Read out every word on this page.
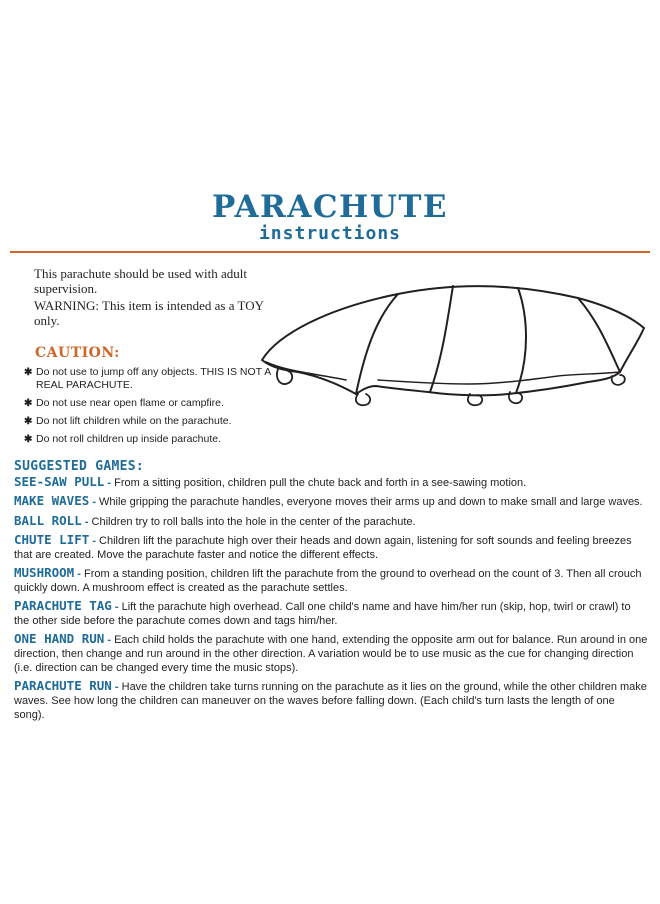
PARACHUTE
instructions
This parachute should be used with adult supervision.
WARNING: This item is intended as a TOY only.
CAUTION:
✱ Do not use to jump off any objects. THIS IS NOT A REAL PARACHUTE.
✱ Do not use near open flame or campfire.
✱ Do not lift children while on the parachute.
✱ Do not roll children up inside parachute.
SUGGESTED GAMES:
SEE-SAW PULL - From a sitting position, children pull the chute back and forth in a see-sawing motion.
MAKE WAVES - While gripping the parachute handles, everyone moves their arms up and down to make small and large waves.
BALL ROLL - Children try to roll balls into the hole in the center of the parachute.
CHUTE LIFT - Children lift the parachute high over their heads and down again, listening for soft sounds and feeling breezes that are created. Move the parachute faster and notice the different effects.
MUSHROOM - From a standing position, children lift the parachute from the ground to overhead on the count of 3. Then all crouch quickly down. A mushroom effect is created as the parachute settles.
PARACHUTE TAG - Lift the parachute high overhead. Call one child's name and have him/her run (skip, hop, twirl or crawl) to the other side before the parachute comes down and tags him/her.
ONE HAND RUN - Each child holds the parachute with one hand, extending the opposite arm out for balance. Run around in one direction, then change and run around in the other direction. A variation would be to use music as the cue for changing direction (i.e. direction can be changed every time the music stops).
PARACHUTE RUN - Have the children take turns running on the parachute as it lies on the ground, while the other children make waves. See how long the children can maneuver on the waves before falling down. (Each child's turn lasts the length of one song).
